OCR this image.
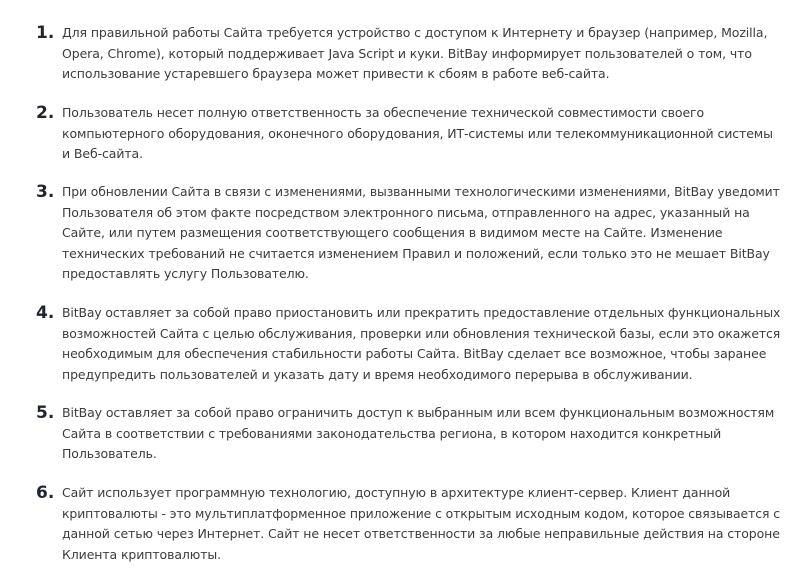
1. Для правильной работы Сайта требуется устройство с доступом к Интернету и браузер (например, Mozilla,
Opera, Chrome), который поддерживает Java Script и куки. BitBay информирует пользователей о том, что
использование устаревшего браузера может привести к сбоям в работе веб-сайта.

2. Пользователь несет полную ответственность за обеспечение технической совместимости своего
компьютерного оборудования, оконечного оборудования, ИТ-системы или телекоммуникационной системы
и Веб-сайта.

3. При обновлении Сайта в связи с изменениями, вызванными технологическими изменениями, BitBay уведомит
Пользователя об этом факте посредством электронного письма, отправленного на адрес, указанный на
Сайте, или путем размещения соответствующего сообщения в видимом месте на Сайте. Изменение
технических требований не считается изменением Правил и положений, если только это не мешает BitBay
предоставлять услугу Пользователю.

4. BitBay оставляет за собой право приостановить или прекратить предоставление отдельных функциональных
возможностей Сайта с целью обслуживания, проверки или обновления технической базы, если это окажется
необходимым для обеспечения стабильности работы Сайта. BitBay сделает все возможное, чтобы заранее
предупредить пользователей и указать дату и время необходимого перерыва в обслуживании.

5. BitBay оставляет за собой право ограничить доступ к выбранным или всем функциональным возможностям
Сайта в соответствии с требованиями законодательства региона, в котором находится конкретный
Пользователь.

6. Сайт использует программную технологию, доступную в архитектуре клиент-сервер. Клиент данной
криптовалюты - это мультиплатформенное приложение с открытым исходным кодом, которое связывается с
данной сетью через Интернет. Сайт не несет ответственности за любые неправильные действия на стороне
Клиента криптовалюты.
